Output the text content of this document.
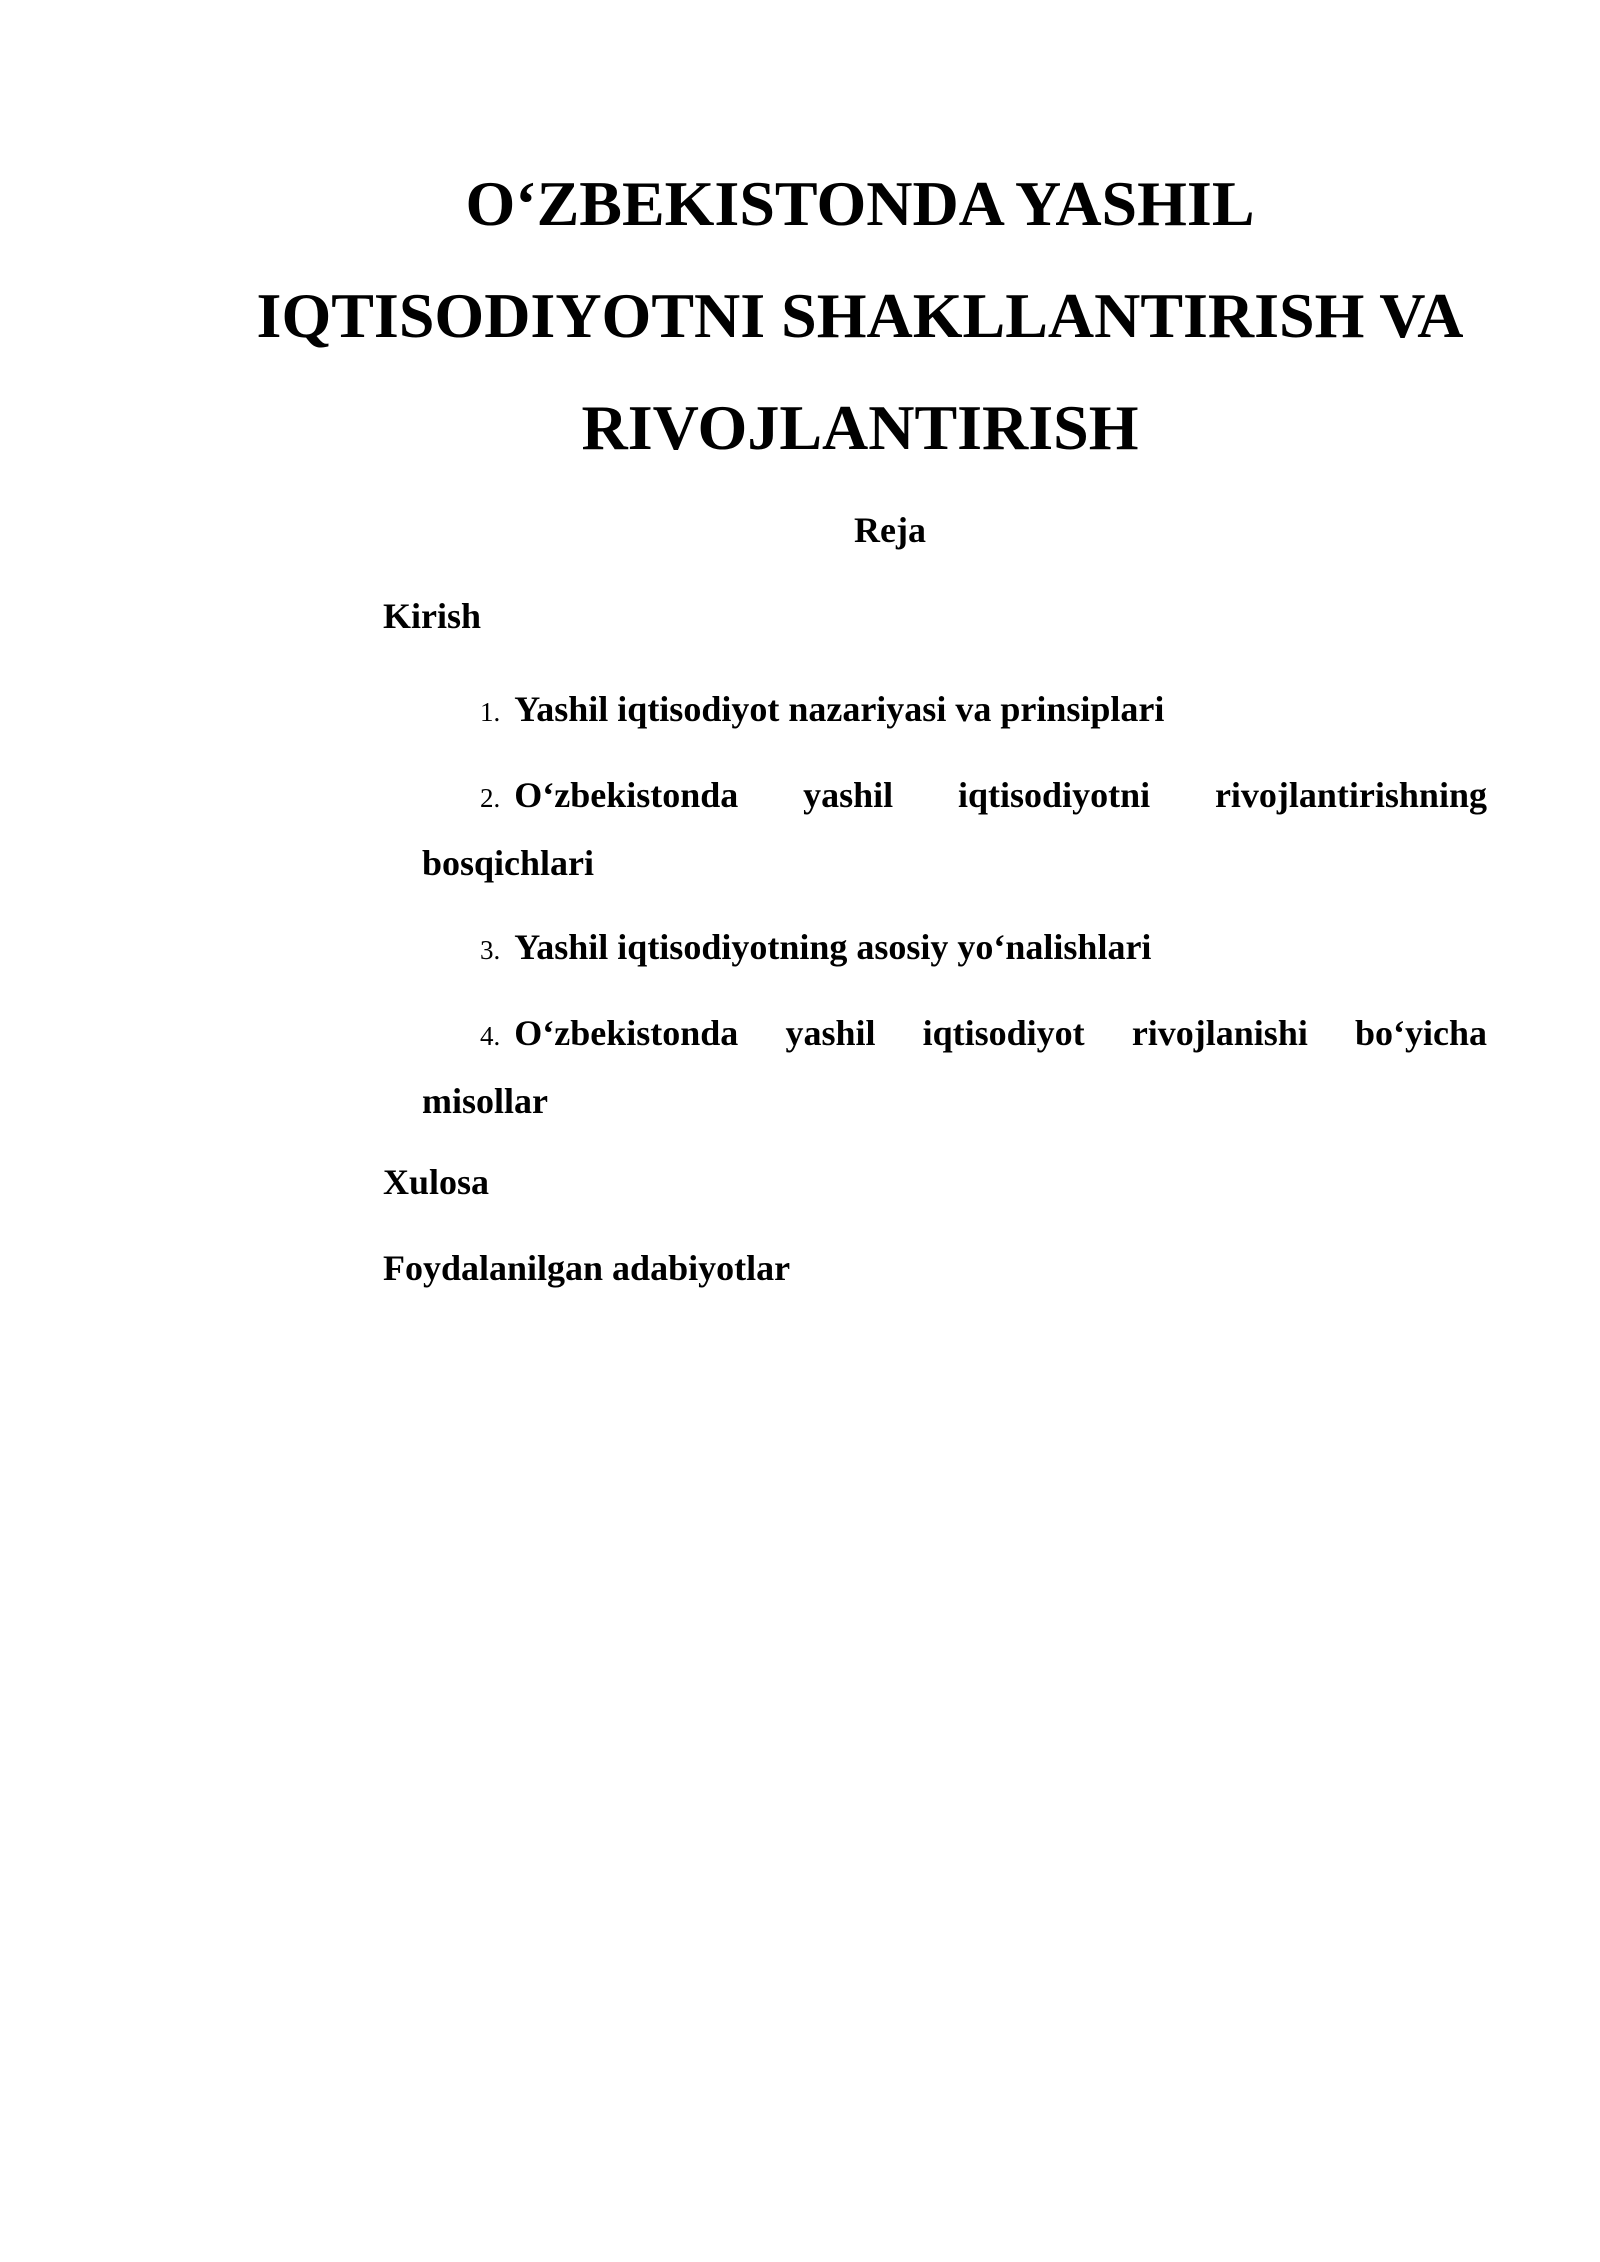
O‘ZBEKISTONDA YASHIL
IQTISODIYOTNI SHAKLLANTIRISH VA
RIVOJLANTIRISH

Reja

Kirish

1. Yashil iqtisodiyot nazariyasi va prinsiplari
2. O‘zbekistonda yashil iqtisodiyotni rivojlantirishning
bosqichlari
3. Yashil iqtisodiyotning asosiy yo‘nalishlari
4. O‘zbekistonda yashil iqtisodiyot rivojlanishi bo‘yicha
misollar

Xulosa

Foydalanilgan adabiyotlar
